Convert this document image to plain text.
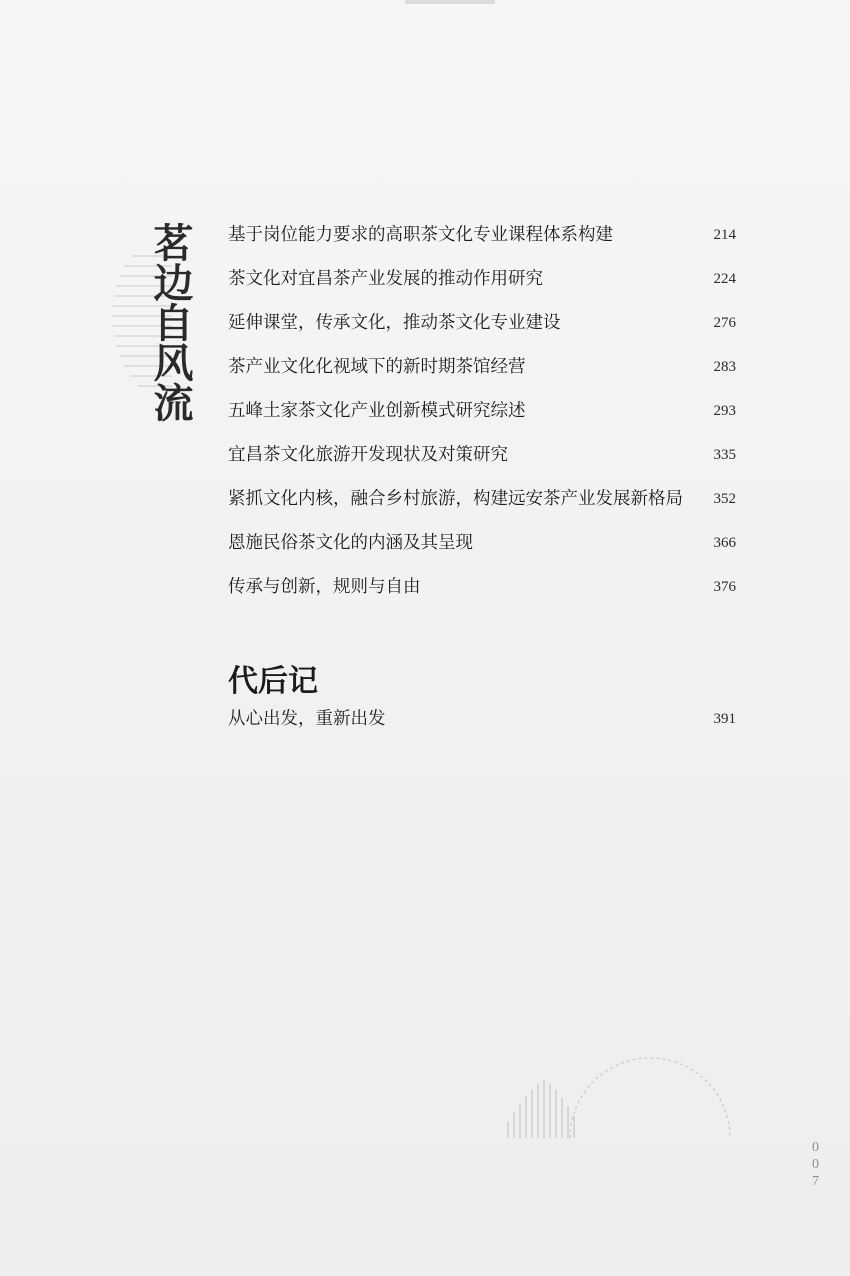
茗边自风流 基于岗位能力要求的高职茶文化专业课程体系构建	214
茶文化对宜昌茶产业发展的推动作用研究	224
延伸课堂，传承文化，推动茶文化专业建设	276
茶产业文化化视域下的新时期茶馆经营	283
五峰土家茶文化产业创新模式研究综述	293
宜昌茶文化旅游开发现状及对策研究	335
紧抓文化内核，融合乡村旅游，构建远安茶产业发展新格局	352
恩施民俗茶文化的内涵及其呈现	366
传承与创新，规则与自由	376
代后记
从心出发，重新出发	391
007
